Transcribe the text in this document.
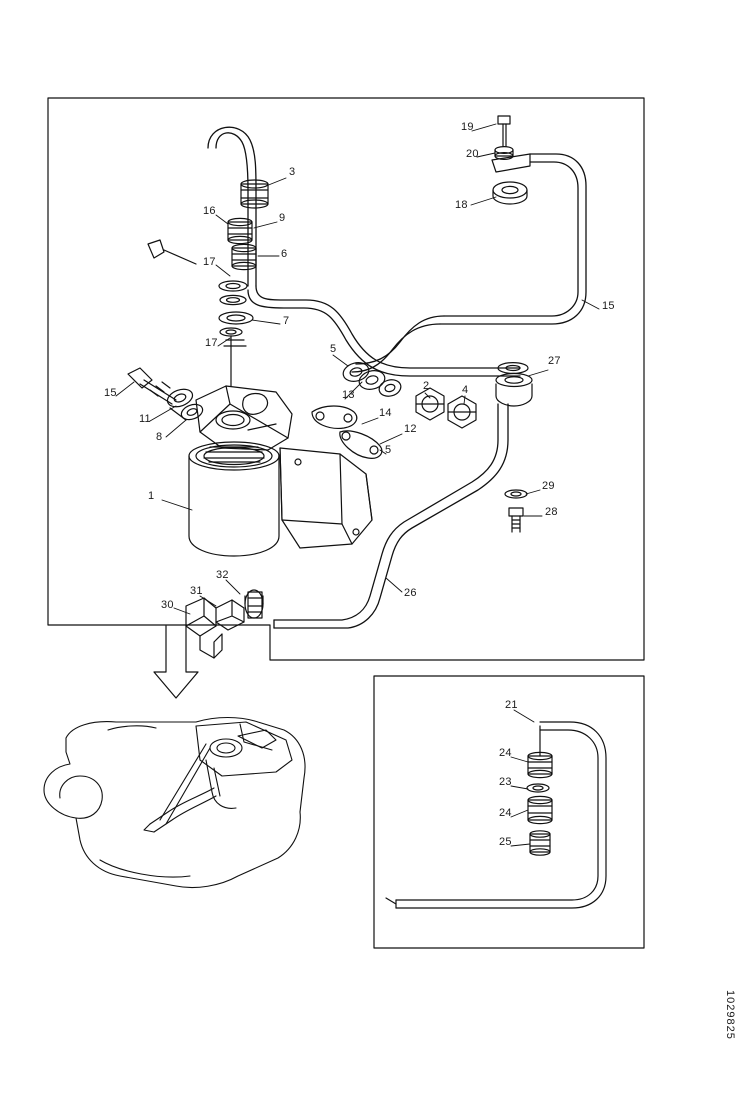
3
16
9
6
17
7
17
19
20
18
15
5
27
15	13
2	4
11	14
12
8
5
29
28
1
26
32
31
30
21
24
23
24
25
1029825
